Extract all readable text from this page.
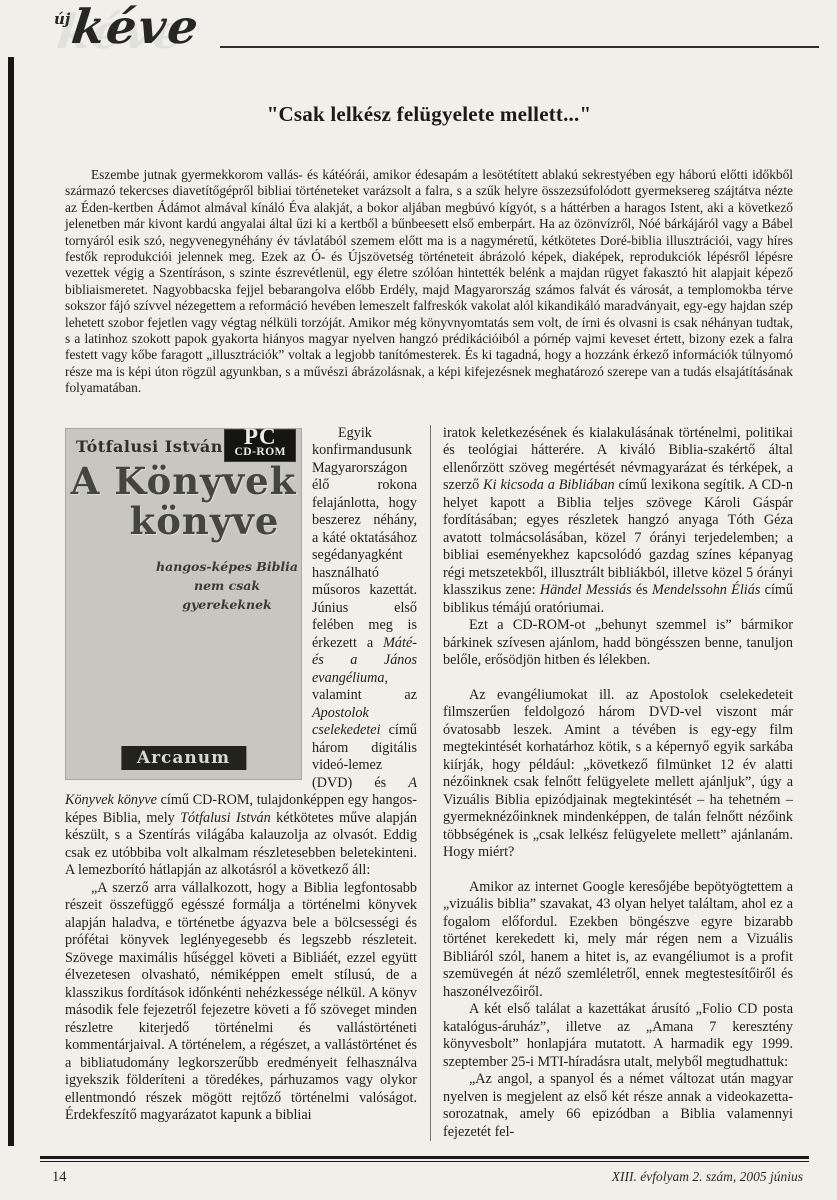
új
kéve
"Csak lelkész felügyelete mellett..."

Eszembe jutnak gyermekkorom vallás- és kátéórái, amikor édesapám a lesötétített ablakú sekrestyében egy háború előtti időkből származó tekercses diavetítőgépről bibliai történeteket varázsolt a falra, s a szűk helyre összezsúfolódott gyermeksereg szájtátva nézte az Éden-kertben Ádámot almával kínáló Éva alakját, a bokor aljában megbúvó kígyót, s a háttérben a haragos Istent, aki a következő jelenetben már kivont kardú angyalai által űzi ki a kertből a bűnbeesett első emberpárt. Ha az özönvízről, Nóé bárkájáról vagy a Bábel tornyáról esik szó, negyvenegynéhány év távlatából szemem előtt ma is a nagyméretű, kétkötetes Doré-biblia illusztrációi, vagy híres festők reprodukciói jelennek meg. Ezek az Ó- és Újszövetség történeteit ábrázoló képek, diaképek, reprodukciók lépésről lépésre vezettek végig a Szentíráson, s szinte észrevétlenül, egy életre szólóan hintették belénk a majdan rügyet fakasztó hit alapjait képező bibliaismeretet. Nagyobbacska fejjel bebarangolva előbb Erdély, majd Magyarország számos falvát és városát, a templomokba térve sokszor fájó szívvel nézegettem a reformáció hevében lemeszelt falfreskók vakolat alól kikandikáló maradványait, egy-egy hajdan szép lehetett szobor fejetlen vagy végtag nélküli torzóját. Amikor még könyvnyomtatás sem volt, de írni és olvasni is csak néhányan tudtak, s a latinhoz szokott papok gyakorta hiányos magyar nyelven hangzó prédikációiból a pórnép vajmi keveset értett, bizony ezek a falra festett vagy kőbe faragott „illusztrációk” voltak a legjobb tanítómesterek. És ki tagadná, hogy a hozzánk érkező információk túlnyomó része ma is képi úton rögzül agyunkban, s a művészi ábrázolásnak, a képi kifejezésnek meghatározó szerepe van a tudás elsajátításának folyamatában.

Tótfalusi István PC
CD-ROM
A Könyvek
könyve
hangos-képes Biblia
nem csak gyerekeknek
Arcanum

Egyik konfirmandusunk Magyarországon élő rokona felajánlotta, hogy beszerez néhány, a káté oktatásához segédanyagként használható műsoros kazettát. Június első felében meg is érkezett a Máté- és a János evangéliuma, valamint az Apostolok cselekedetei című három digitális videó-lemez (DVD) és A Könyvek könyve című CD-ROM, tulajdonképpen egy hangos-képes Biblia, mely Tótfalusi István kétkötetes műve alapján készült, s a Szentírás világába kalauzolja az olvasót. Eddig csak ez utóbbiba volt alkalmam részletesebben beletekinteni. A lemezborító hátlapján az alkotásról a következő áll:

„A szerző arra vállalkozott, hogy a Biblia legfontosabb részeit összefüggő egésszé formálja a történelmi könyvek alapján haladva, e történetbe ágyazva bele a bölcsességi és prófétai könyvek leglényegesebb és legszebb részleteit. Szövege maximális hűséggel követi a Bibliáét, ezzel együtt élvezetesen olvasható, némiképpen emelt stílusú, de a klasszikus fordítások időnkénti nehézkessége nélkül. A könyv második fele fejezetről fejezetre követi a fő szöveget minden részletre kiterjedő történelmi és vallástörténeti kommentárjaival. A történelem, a régészet, a vallástörténet és a bibliatudomány legkorszerűbb eredményeit felhasználva igyekszik földeríteni a töredékes, párhuzamos vagy olykor ellentmondó részek mögött rejtőző történelmi valóságot. Érdekfeszítő magyarázatot kapunk a bibliai

iratok keletkezésének és kialakulásának történelmi, politikai és teológiai hátterére. A kiváló Biblia-szakértő által ellenőrzött szöveg megértését névmagyarázat és térképek, a szerző Ki kicsoda a Bibliában című lexikona segítik. A CD-n helyet kapott a Biblia teljes szövege Károli Gáspár fordításában; egyes részletek hangzó anyaga Tóth Géza avatott tolmácsolásában, közel 7 órányi terjedelemben; a bibliai eseményekhez kapcsolódó gazdag színes képanyag régi metszetekből, illusztrált bibliákból, illetve közel 5 órányi klasszikus zene: Händel Messiás és Mendelssohn Éliás című biblikus témájú oratóriumai.

Ezt a CD-ROM-ot „behunyt szemmel is” bármikor bárkinek szívesen ajánlom, hadd böngésszen benne, tanuljon belőle, erősödjön hitben és lélekben.

Az evangéliumokat ill. az Apostolok cselekedeteit filmszerűen feldolgozó három DVD-vel viszont már óvatosabb leszek. Amint a tévében is egy-egy film megtekintését korhatárhoz kötik, s a képernyő egyik sarkába kiírják, hogy például: „következő filmünket 12 év alatti nézőinknek csak felnőtt felügyelete mellett ajánljuk”, úgy a Vizuális Biblia epizódjainak megtekintését – ha tehetném – gyermeknézőinknek mindenképpen, de talán felnőtt nézőink többségének is „csak lelkész felügyelete mellett” ajánlanám. Hogy miért?

Amikor az internet Google keresőjébe bepötyögtettem a „vizuális biblia” szavakat, 43 olyan helyet találtam, ahol ez a fogalom előfordul. Ezekben böngészve egyre bizarabb történet kerekedett ki, mely már régen nem a Vizuális Bibliáról szól, hanem a hitet is, az evangéliumot is a profit szemüvegén át néző szemléletről, ennek megtestesítőiről és haszonélvezőiről.

A két első találat a kazettákat árusító „Folio CD posta katalógus-áruház”, illetve az „Amana 7 keresztény könyvesbolt” honlapjára mutatott. A harmadik egy 1999. szeptember 25-i MTI-híradásra utalt, melyből megtudhattuk:

„Az angol, a spanyol és a német változat után magyar nyelven is megjelent az első két része annak a videokazetta-sorozatnak, amely 66 epizódban a Biblia valamennyi fejezetét fel-

14	XIII. évfolyam 2. szám, 2005 június
